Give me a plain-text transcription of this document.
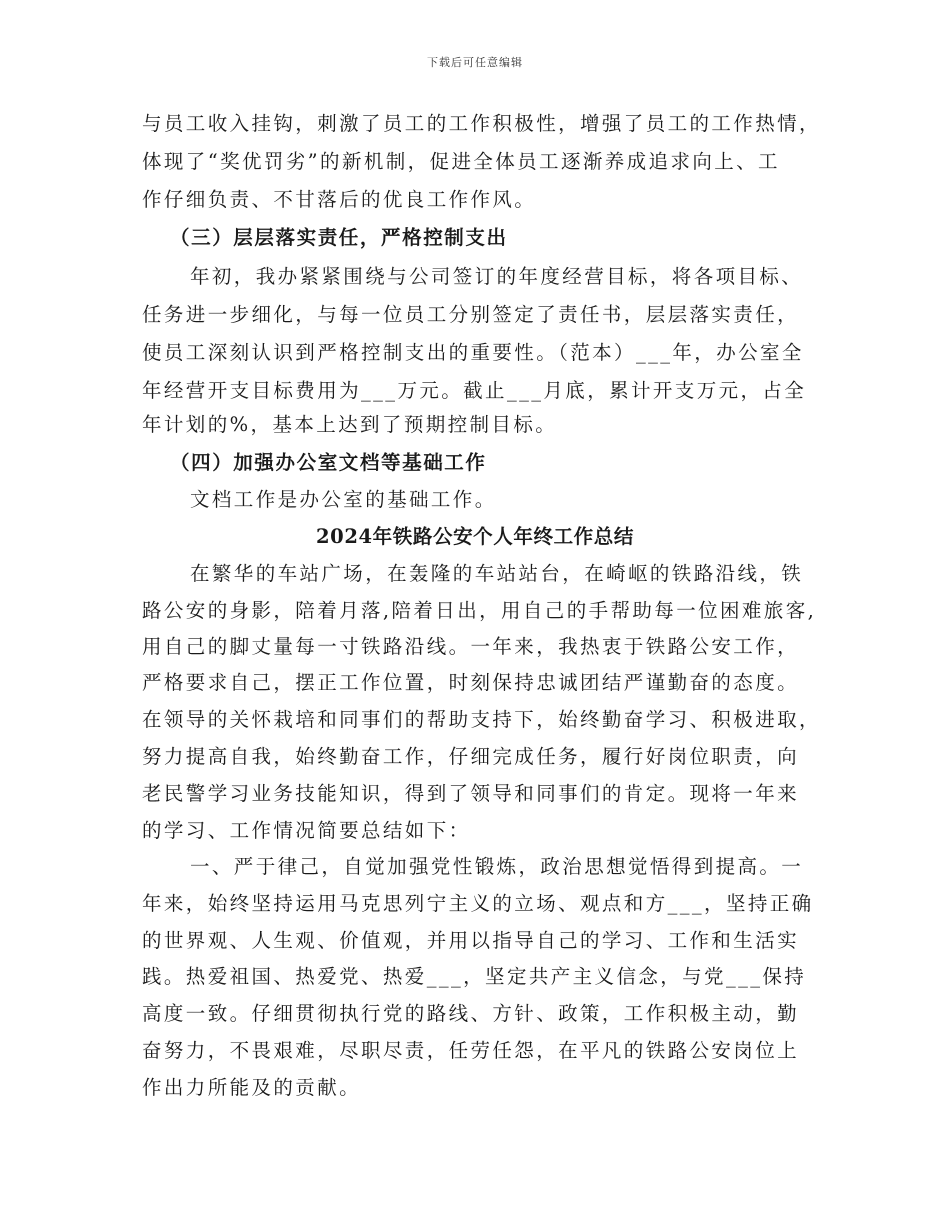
下载后可任意编辑
与员工收入挂钩，刺激了员工的工作积极性，增强了员工的工作热情，
体现了“奖优罚劣”的新机制，促进全体员工逐渐养成追求向上、工
作仔细负责、不甘落后的优良工作作风。
（三）层层落实责任，严格控制支出
年初，我办紧紧围绕与公司签订的年度经营目标，将各项目标、
任务进一步细化，与每一位员工分别签定了责任书，层层落实责任，
使员工深刻认识到严格控制支出的重要性。（范本）___年，办公室全
年经营开支目标费用为___万元。截止___月底，累计开支万元，占全
年计划的%，基本上达到了预期控制目标。
（四）加强办公室文档等基础工作
文档工作是办公室的基础工作。
2024年铁路公安个人年终工作总结
在繁华的车站广场，在轰隆的车站站台，在崎岖的铁路沿线，铁
路公安的身影，陪着月落,陪着日出，用自己的手帮助每一位困难旅客,
用自己的脚丈量每一寸铁路沿线。一年来，我热衷于铁路公安工作，
严格要求自己，摆正工作位置，时刻保持忠诚团结严谨勤奋的态度。
在领导的关怀栽培和同事们的帮助支持下，始终勤奋学习、积极进取，
努力提高自我，始终勤奋工作，仔细完成任务，履行好岗位职责，向
老民警学习业务技能知识，得到了领导和同事们的肯定。现将一年来
的学习、工作情况简要总结如下：
一、严于律己，自觉加强党性锻炼，政治思想觉悟得到提高。一
年来，始终坚持运用马克思列宁主义的立场、观点和方___，坚持正确
的世界观、人生观、价值观，并用以指导自己的学习、工作和生活实
践。热爱祖国、热爱党、热爱___，坚定共产主义信念，与党___保持
高度一致。仔细贯彻执行党的路线、方针、政策，工作积极主动，勤
奋努力，不畏艰难，尽职尽责，任劳任怨，在平凡的铁路公安岗位上
作出力所能及的贡献。
